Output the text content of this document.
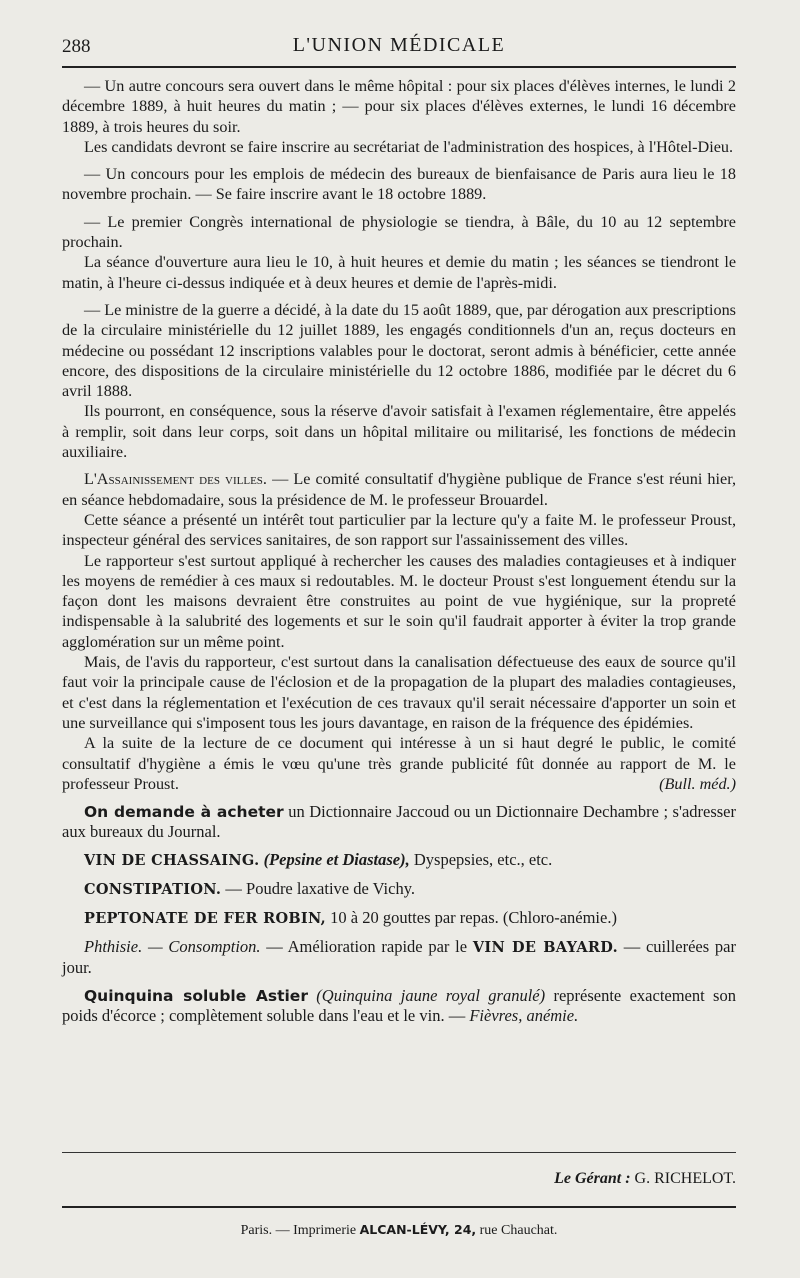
288	L'UNION MÉDICALE

— Un autre concours sera ouvert dans le même hôpital : pour six places d'élèves internes, le lundi 2 décembre 1889, à huit heures du matin ; — pour six places d'élèves externes, le lundi 16 décembre 1889, à trois heures du soir.

Les candidats devront se faire inscrire au secrétariat de l'administration des hospices, à l'Hôtel-Dieu.

— Un concours pour les emplois de médecin des bureaux de bienfaisance de Paris aura lieu le 18 novembre prochain. — Se faire inscrire avant le 18 octobre 1889.

— Le premier Congrès international de physiologie se tiendra, à Bâle, du 10 au 12 septembre prochain.

La séance d'ouverture aura lieu le 10, à huit heures et demie du matin ; les séances se tiendront le matin, à l'heure ci-dessus indiquée et à deux heures et demie de l'après-midi.

— Le ministre de la guerre a décidé, à la date du 15 août 1889, que, par dérogation aux prescriptions de la circulaire ministérielle du 12 juillet 1889, les engagés conditionnels d'un an, reçus docteurs en médecine ou possédant 12 inscriptions valables pour le doctorat, seront admis à bénéficier, cette année encore, des dispositions de la circulaire ministérielle du 12 octobre 1886, modifiée par le décret du 6 avril 1888.

Ils pourront, en conséquence, sous la réserve d'avoir satisfait à l'examen réglementaire, être appelés à remplir, soit dans leur corps, soit dans un hôpital militaire ou militarisé, les fonctions de médecin auxiliaire.

L'Assainissement des villes. — Le comité consultatif d'hygiène publique de France s'est réuni hier, en séance hebdomadaire, sous la présidence de M. le professeur Brouardel.

Cette séance a présenté un intérêt tout particulier par la lecture qu'y a faite M. le professeur Proust, inspecteur général des services sanitaires, de son rapport sur l'assainissement des villes.

Le rapporteur s'est surtout appliqué à rechercher les causes des maladies contagieuses et à indiquer les moyens de remédier à ces maux si redoutables. M. le docteur Proust s'est longuement étendu sur la façon dont les maisons devraient être construites au point de vue hygiénique, sur la propreté indispensable à la salubrité des logements et sur le soin qu'il faudrait apporter à éviter la trop grande agglomération sur un même point.

Mais, de l'avis du rapporteur, c'est surtout dans la canalisation défectueuse des eaux de source qu'il faut voir la principale cause de l'éclosion et de la propagation de la plupart des maladies contagieuses, et c'est dans la réglementation et l'exécution de ces travaux qu'il serait nécessaire d'apporter un soin et une surveillance qui s'imposent tous les jours davantage, en raison de la fréquence des épidémies.

A la suite de la lecture de ce document qui intéresse à un si haut degré le public, le comité consultatif d'hygiène a émis le vœu qu'une très grande publicité fût donnée au rapport de M. le professeur Proust.	(Bull. méd.)

On demande à acheter un Dictionnaire Jaccoud ou un Dictionnaire Dechambre ; s'adresser aux bureaux du Journal.

VIN DE CHASSAING. (Pepsine et Diastase), Dyspepsies, etc., etc.

CONSTIPATION. — Poudre laxative de Vichy.

PEPTONATE DE FER ROBIN, 10 à 20 gouttes par repas. (Chloro-anémie.)

Phthisie. — Consomption. — Amélioration rapide par le VIN DE BAYARD. — cuillerées par jour.

Quinquina soluble Astier (Quinquina jaune royal granulé) représente exactement son poids d'écorce ; complètement soluble dans l'eau et le vin. — Fièvres, anémie.

Le Gérant : G. RICHELOT.
Paris. — Imprimerie ALCAN-LÉVY, 24, rue Chauchat.
